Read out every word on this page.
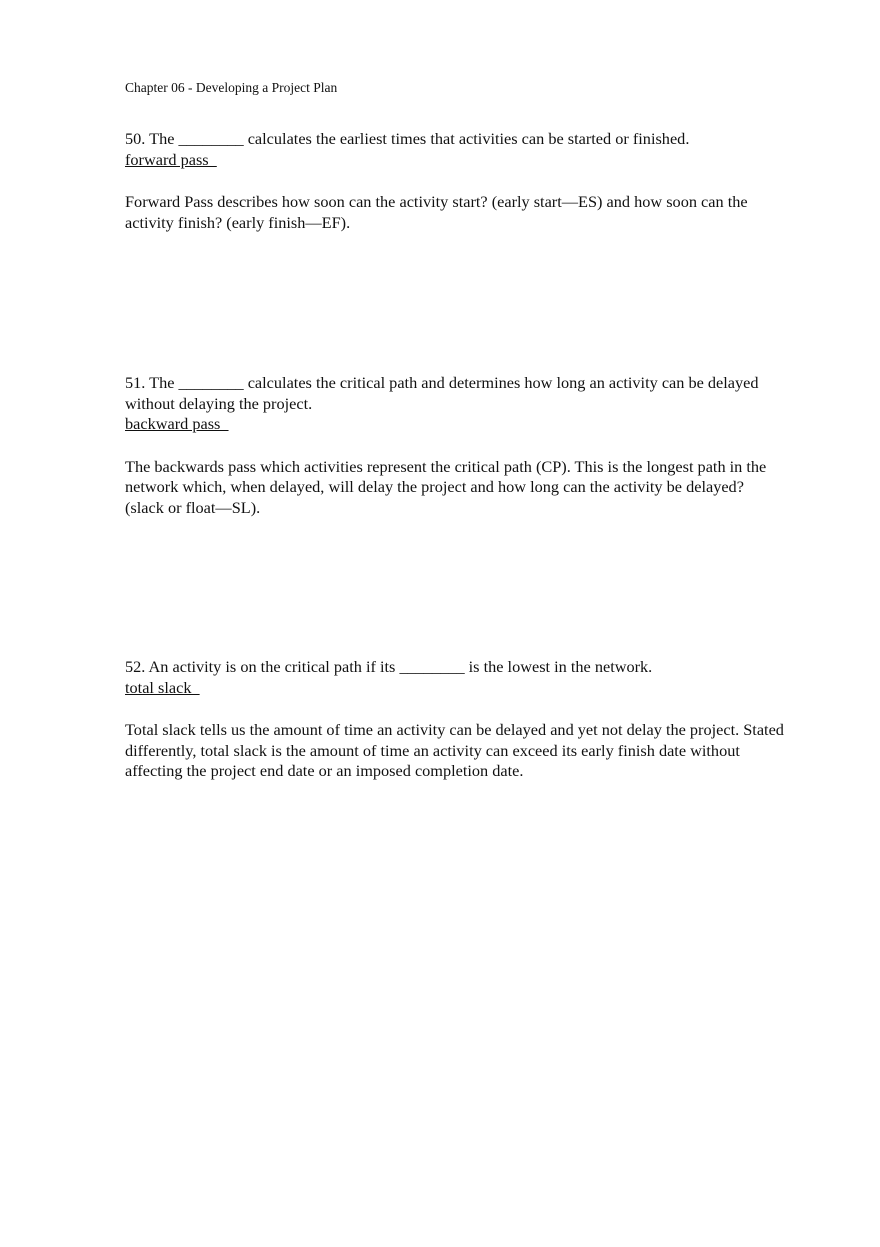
Chapter 06 - Developing a Project Plan

50. The ________ calculates the earliest times that activities can be started or finished.

forward pass

Forward Pass describes how soon can the activity start? (early start—ES) and how soon can the activity finish? (early finish—EF).

51. The ________ calculates the critical path and determines how long an activity can be delayed without delaying the project.

backward pass

The backwards pass which activities represent the critical path (CP). This is the longest path in the network which, when delayed, will delay the project and how long can the activity be delayed? (slack or float—SL).

52. An activity is on the critical path if its ________ is the lowest in the network.

total slack

Total slack tells us the amount of time an activity can be delayed and yet not delay the project. Stated differently, total slack is the amount of time an activity can exceed its early finish date without affecting the project end date or an imposed completion date.
